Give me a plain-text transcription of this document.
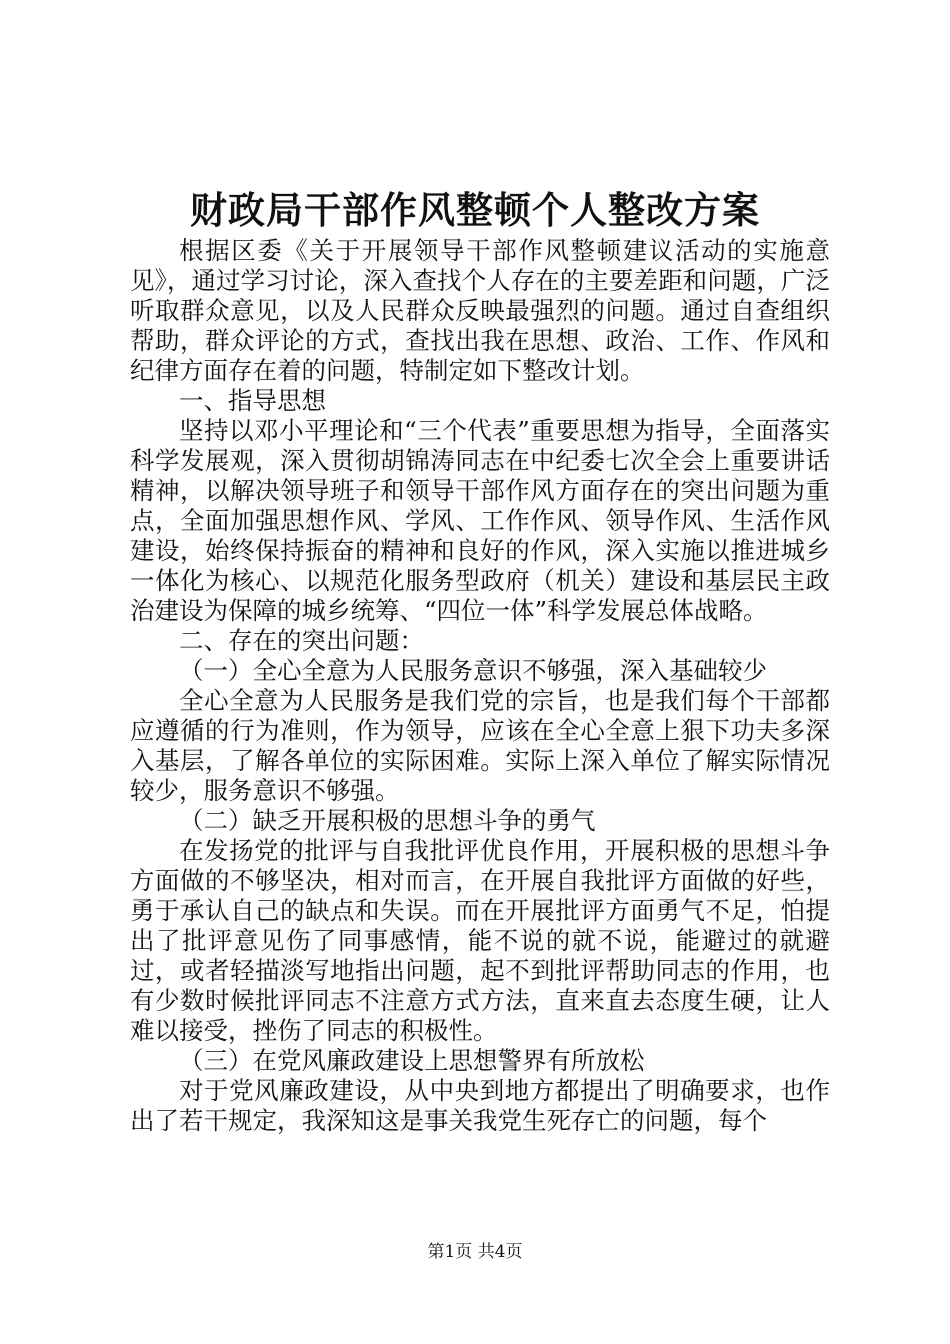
财政局干部作风整顿个人整改方案

根据区委《关于开展领导干部作风整顿建议活动的实施意见》，通过学习讨论，深入查找个人存在的主要差距和问题，广泛听取群众意见，以及人民群众反映最强烈的问题。通过自查组织帮助，群众评论的方式，查找出我在思想、政治、工作、作风和纪律方面存在着的问题，特制定如下整改计划。

一、指导思想

坚持以邓小平理论和“三个代表”重要思想为指导，全面落实科学发展观，深入贯彻胡锦涛同志在中纪委七次全会上重要讲话精神，以解决领导班子和领导干部作风方面存在的突出问题为重点，全面加强思想作风、学风、工作作风、领导作风、生活作风建设，始终保持振奋的精神和良好的作风，深入实施以推进城乡一体化为核心、以规范化服务型政府（机关）建设和基层民主政治建设为保障的城乡统筹、“四位一体”科学发展总体战略。

二、存在的突出问题：

（一）全心全意为人民服务意识不够强，深入基础较少

全心全意为人民服务是我们党的宗旨，也是我们每个干部都应遵循的行为准则，作为领导，应该在全心全意上狠下功夫多深入基层，了解各单位的实际困难。实际上深入单位了解实际情况较少，服务意识不够强。

（二）缺乏开展积极的思想斗争的勇气

在发扬党的批评与自我批评优良作用，开展积极的思想斗争方面做的不够坚决，相对而言，在开展自我批评方面做的好些，勇于承认自己的缺点和失误。而在开展批评方面勇气不足，怕提出了批评意见伤了同事感情，能不说的就不说，能避过的就避过，或者轻描淡写地指出问题，起不到批评帮助同志的作用，也有少数时候批评同志不注意方式方法，直来直去态度生硬，让人难以接受，挫伤了同志的积极性。

（三）在党风廉政建设上思想警界有所放松

对于党风廉政建设，从中央到地方都提出了明确要求，也作出了若干规定，我深知这是事关我党生死存亡的问题，每个

第1页 共4页
